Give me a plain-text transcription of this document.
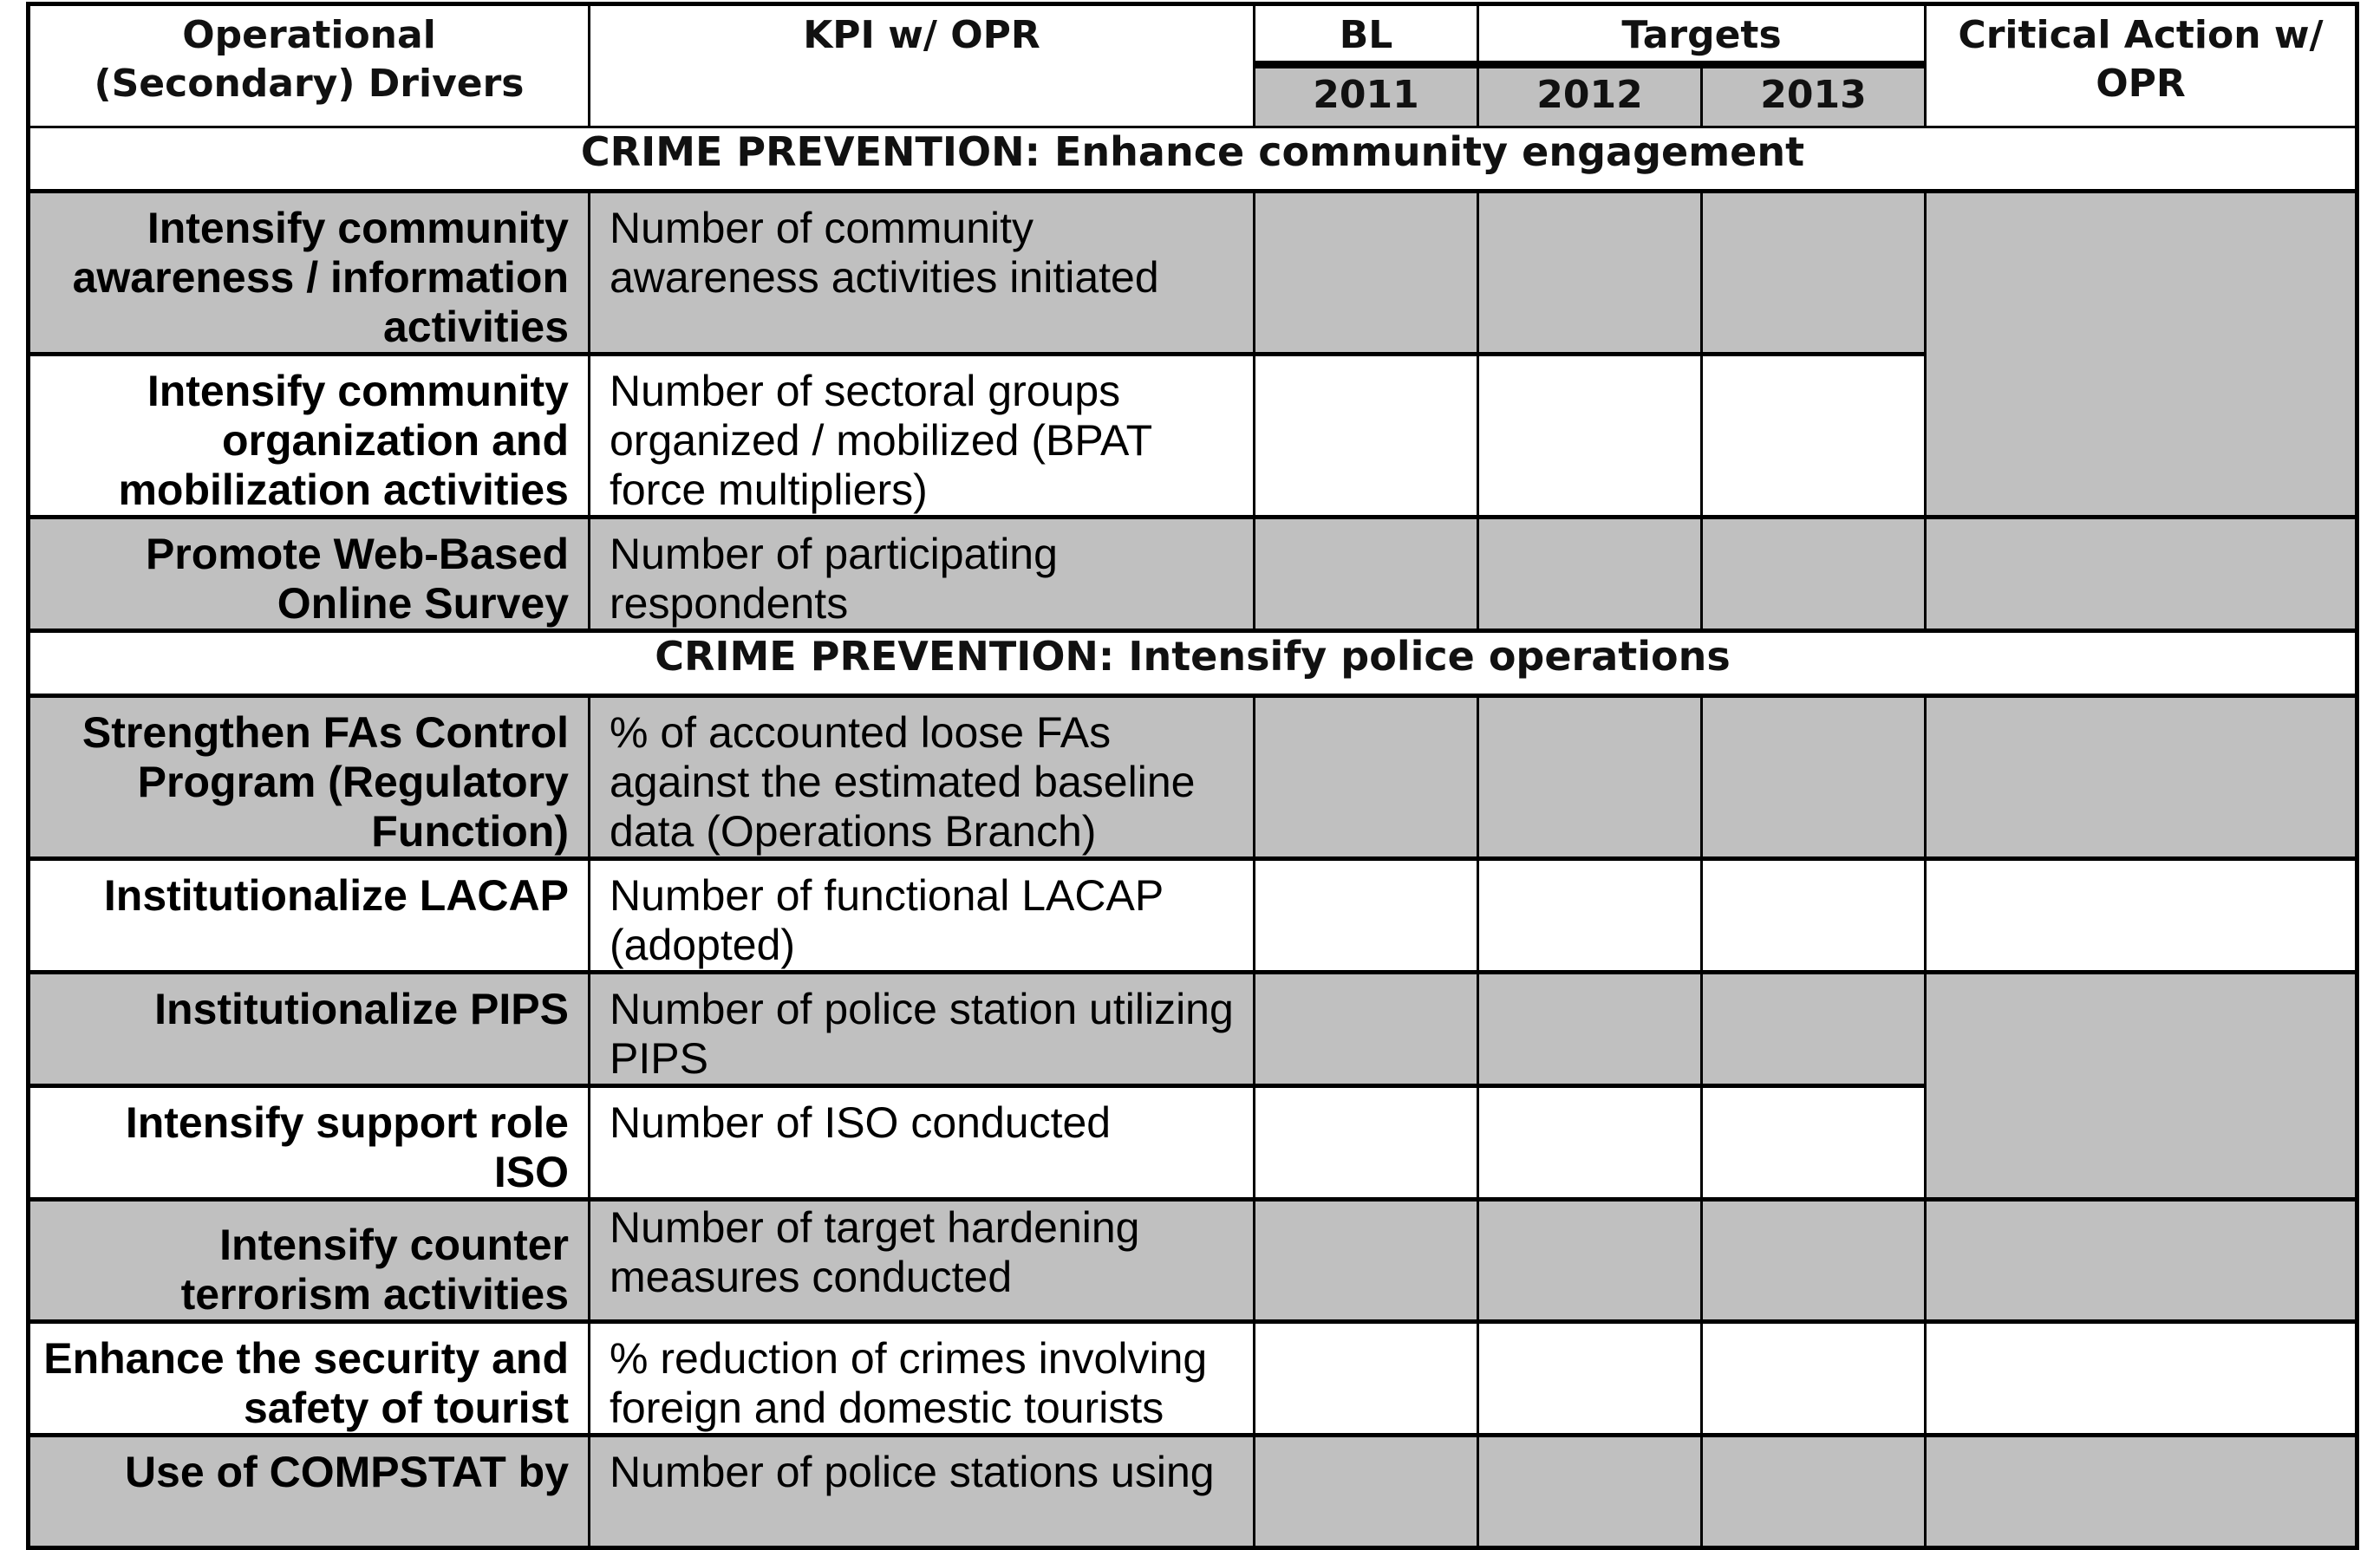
Operational (Secondary) Drivers	KPI w/ OPR	BL	Targets		Critical Action w/ OPR

		2011	2012	2013	

CRIME PREVENTION: Enhance community engagement					

Intensify community awareness / information activities	Number of community awareness activities initiated				

Intensify community organization and mobilization activities	Number of sectoral groups organized / mobilized (BPAT force multipliers)				

Promote Web-Based Online Survey	Number of participating respondents				

CRIME PREVENTION: Intensify police operations					

Strengthen FAs Control Program (Regulatory Function)	% of accounted loose FAs against the estimated baseline data (Operations Branch)				

Institutionalize LACAP	Number of functional LACAP (adopted)				

Institutionalize PIPS	Number of police station utilizing PIPS				

Intensify support role ISO	Number of ISO conducted				

Intensify counter terrorism activities	Number of target hardening measures conducted				

Enhance the security and safety of tourist	% reduction of crimes involving foreign and domestic tourists				

Use of COMPSTAT by	Number of police stations using				
